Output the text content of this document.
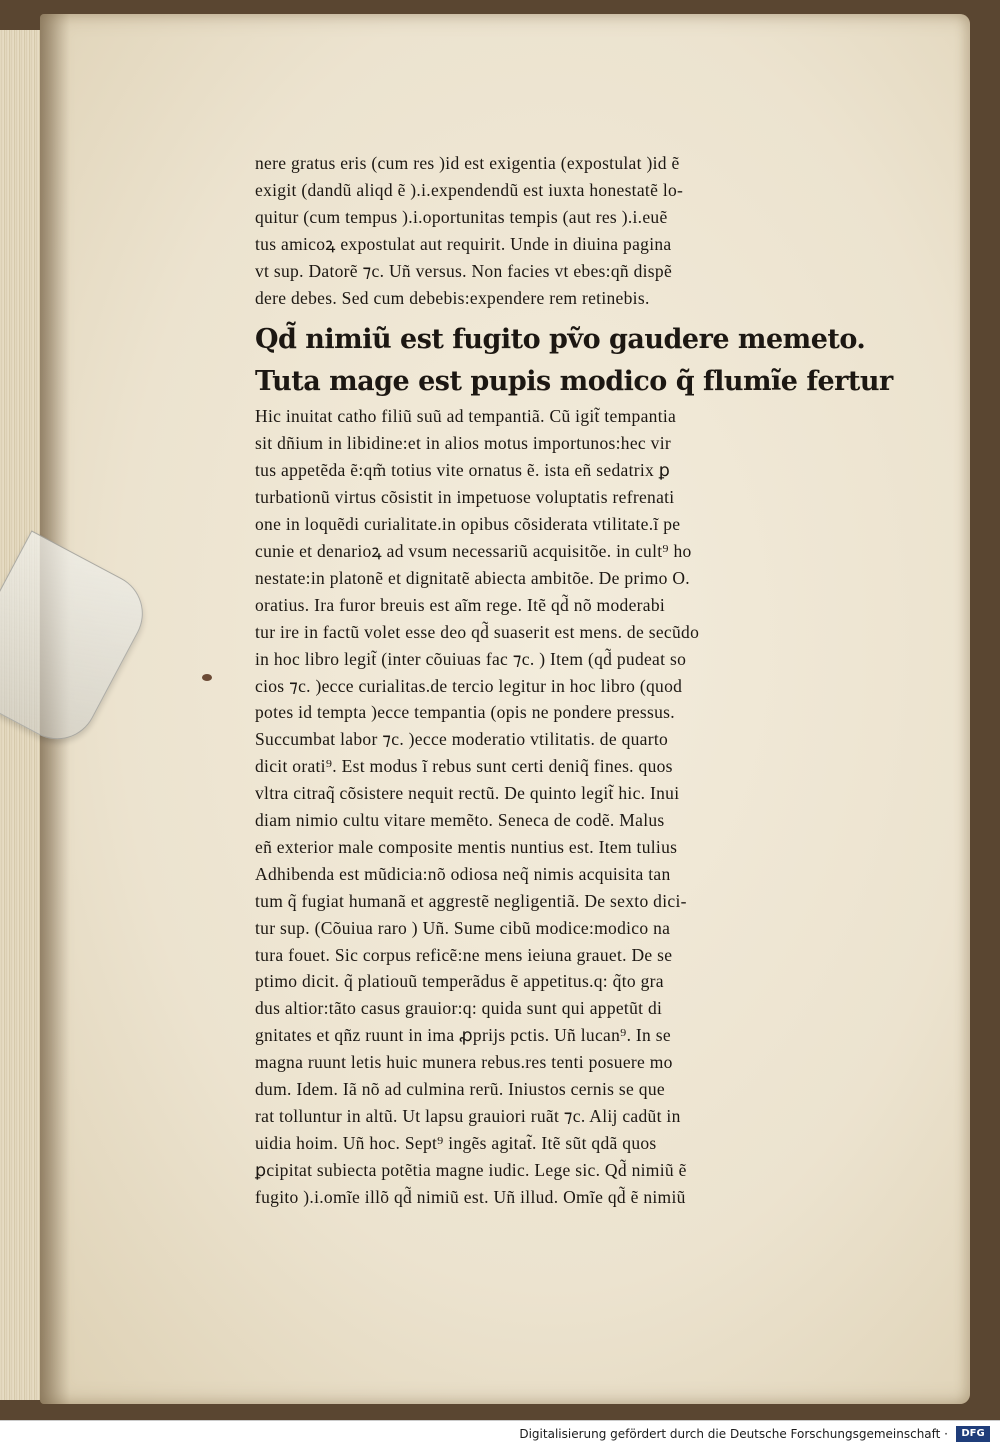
nere gratus eris (cum res )id est exigentia (expostulat )id ẽ
exigit (dandũ aliqd ẽ ).i.expendendũ est iuxta honestatẽ lo-
quitur (cum tempus ).i.oportunitas tempis (aut res ).i.euẽ
tus amicoꝝ expostulat aut requirit. Unde in diuina pagina
vt sup. Datorẽ ⁊c. Uñ versus. Non facies vt ebes:qñ dispẽ
dere debes. Sed cum debebis:expendere rem retinebis.
Qd̃ nimiũ est fugito pṽo gaudere memeto.
Tuta mage est pupis modico q̃ flumĩe fertur
Hic inuitat catho filiũ suũ ad tempantiã. Cũ igit̃ tempantia
sit dñium in libidine:et in alios motus importunos:hec vir
tus appetẽda ẽ:qm̃ totius vite ornatus ẽ. ista eñ sedatrix ꝑ
turbationũ virtus cõsistit in impetuose voluptatis refrenati
one in loquẽdi curialitate.in opibus cõsiderata vtilitate.ĩ pe
cunie et denarioꝝ ad vsum necessariũ acquisitõe. in cult⁹ ho
nestate:in platonẽ et dignitatẽ abiecta ambitõe. De primo O.
oratius. Ira furor breuis est aĩm rege. Itẽ qd̃ nõ moderabi
tur ire in factũ volet esse deo qd̃ suaserit est mens. de secũdo
in hoc libro legit̃ (inter cõuiuas fac ⁊c. ) Item (qd̃ pudeat so
cios ⁊c. )ecce curialitas.de tercio legitur in hoc libro (quod
potes id tempta )ecce tempantia (opis ne pondere pressus.
Succumbat labor ⁊c. )ecce moderatio vtilitatis. de quarto
dicit orati⁹. Est modus ĩ rebus sunt certi deniq̃ fines. quos
vltra citraq̃ cõsistere nequit rectũ. De quinto legit̃ hic. Inui
diam nimio cultu vitare memẽto. Seneca de codẽ. Malus
eñ exterior male composite mentis nuntius est. Item tulius
Adhibenda est mũdicia:nõ odiosa neq̃ nimis acquisita tan
tum q̃ fugiat humanã et aggrestẽ negligentiã. De sexto dici-
tur sup. (Cõuiua raro ) Uñ. Sume cibũ modice:modico na
tura fouet. Sic corpus reficẽ:ne mens ieiuna grauet. De se
ptimo dicit. q̃ platiouũ temperãdus ẽ appetitus.q: q̃to gra
dus altior:tãto casus grauior:q: quida sunt qui appetũt di
gnitates et qñz ruunt in ima ꝓprijs pctis. Uñ lucan⁹. In se
magna ruunt letis huic munera rebus.res tenti posuere mo
dum. Idem. Iã nõ ad culmina rerũ. Iniustos cernis se que
rat tolluntur in altũ. Ut lapsu grauiori ruãt ⁊c. Alij cadũt in
uidia hoim. Uñ hoc. Sept⁹ ingẽs agitat̃. Itẽ sũt qdã quos
ꝑcipitat subiecta potẽtia magne iudic. Lege sic. Qd̃ nimiũ ẽ
fugito ).i.omĩe illõ qd̃ nimiũ est. Uñ illud. Omĩe qd̃ ẽ nimiũ
Digitalisierung gefördert durch die Deutsche Forschungsgemeinschaft ·	DFG
